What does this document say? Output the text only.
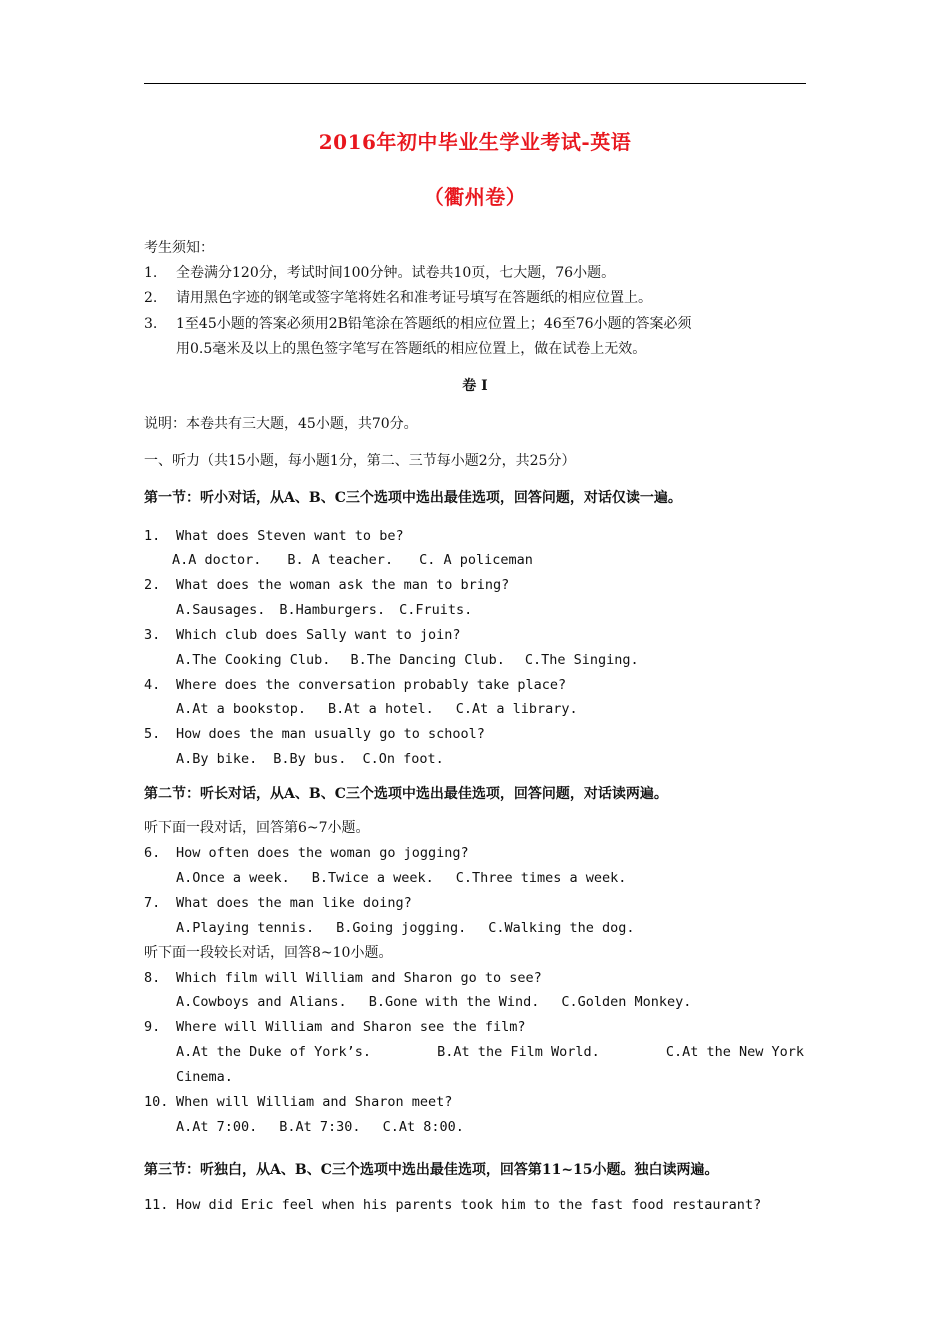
2016年初中毕业生学业考试-英语
（衢州卷）
考生须知：
1. 全卷满分120分，考试时间100分钟。试卷共10页，七大题，76小题。
2. 请用黑色字迹的钢笔或签字笔将姓名和准考证号填写在答题纸的相应位置上。
3. 1至45小题的答案必须用2B铅笔涂在答题纸的相应位置上；46至76小题的答案必须
用0.5毫米及以上的黑色签字笔写在答题纸的相应位置上，做在试卷上无效。
卷 I
说明：本卷共有三大题，45小题，共70分。
一、听力（共15小题，每小题1分，第二、三节每小题2分，共25分）
第一节：听小对话，从A、B、C三个选项中选出最佳选项，回答问题，对话仅读一遍。
1. What does Steven want to be?
A.A doctor. B. A teacher. C. A policeman
2. What does the woman ask the man to bring?
A.Sausages. B.Hamburgers. C.Fruits.
3. Which club does Sally want to join?
A.The Cooking Club. B.The Dancing Club. C.The Singing.
4. Where does the conversation probably take place?
A.At a bookstop. B.At a hotel. C.At a library.
5. How does the man usually go to school?
A.By bike. B.By bus. C.On foot.
第二节：听长对话，从A、B、C三个选项中选出最佳选项，回答问题，对话读两遍。
听下面一段对话，回答第6~7小题。
6. How often does the woman go jogging?
A.Once a week. B.Twice a week. C.Three times a week.
7. What does the man like doing?
A.Playing tennis. B.Going jogging. C.Walking the dog.
听下面一段较长对话，回答8~10小题。
8. Which film will William and Sharon go to see?
A.Cowboys and Alians. B.Gone with the Wind. C.Golden Monkey.
9. Where will William and Sharon see the film?
A.At the Duke of York’s.	B.At the Film World.	C.At the New York
Cinema.
10. When will William and Sharon meet?
A.At 7:00. B.At 7:30. C.At 8:00.
第三节：听独白，从A、B、C三个选项中选出最佳选项，回答第11~15小题。独白读两遍。
11. How did Eric feel when his parents took him to the fast food restaurant?
